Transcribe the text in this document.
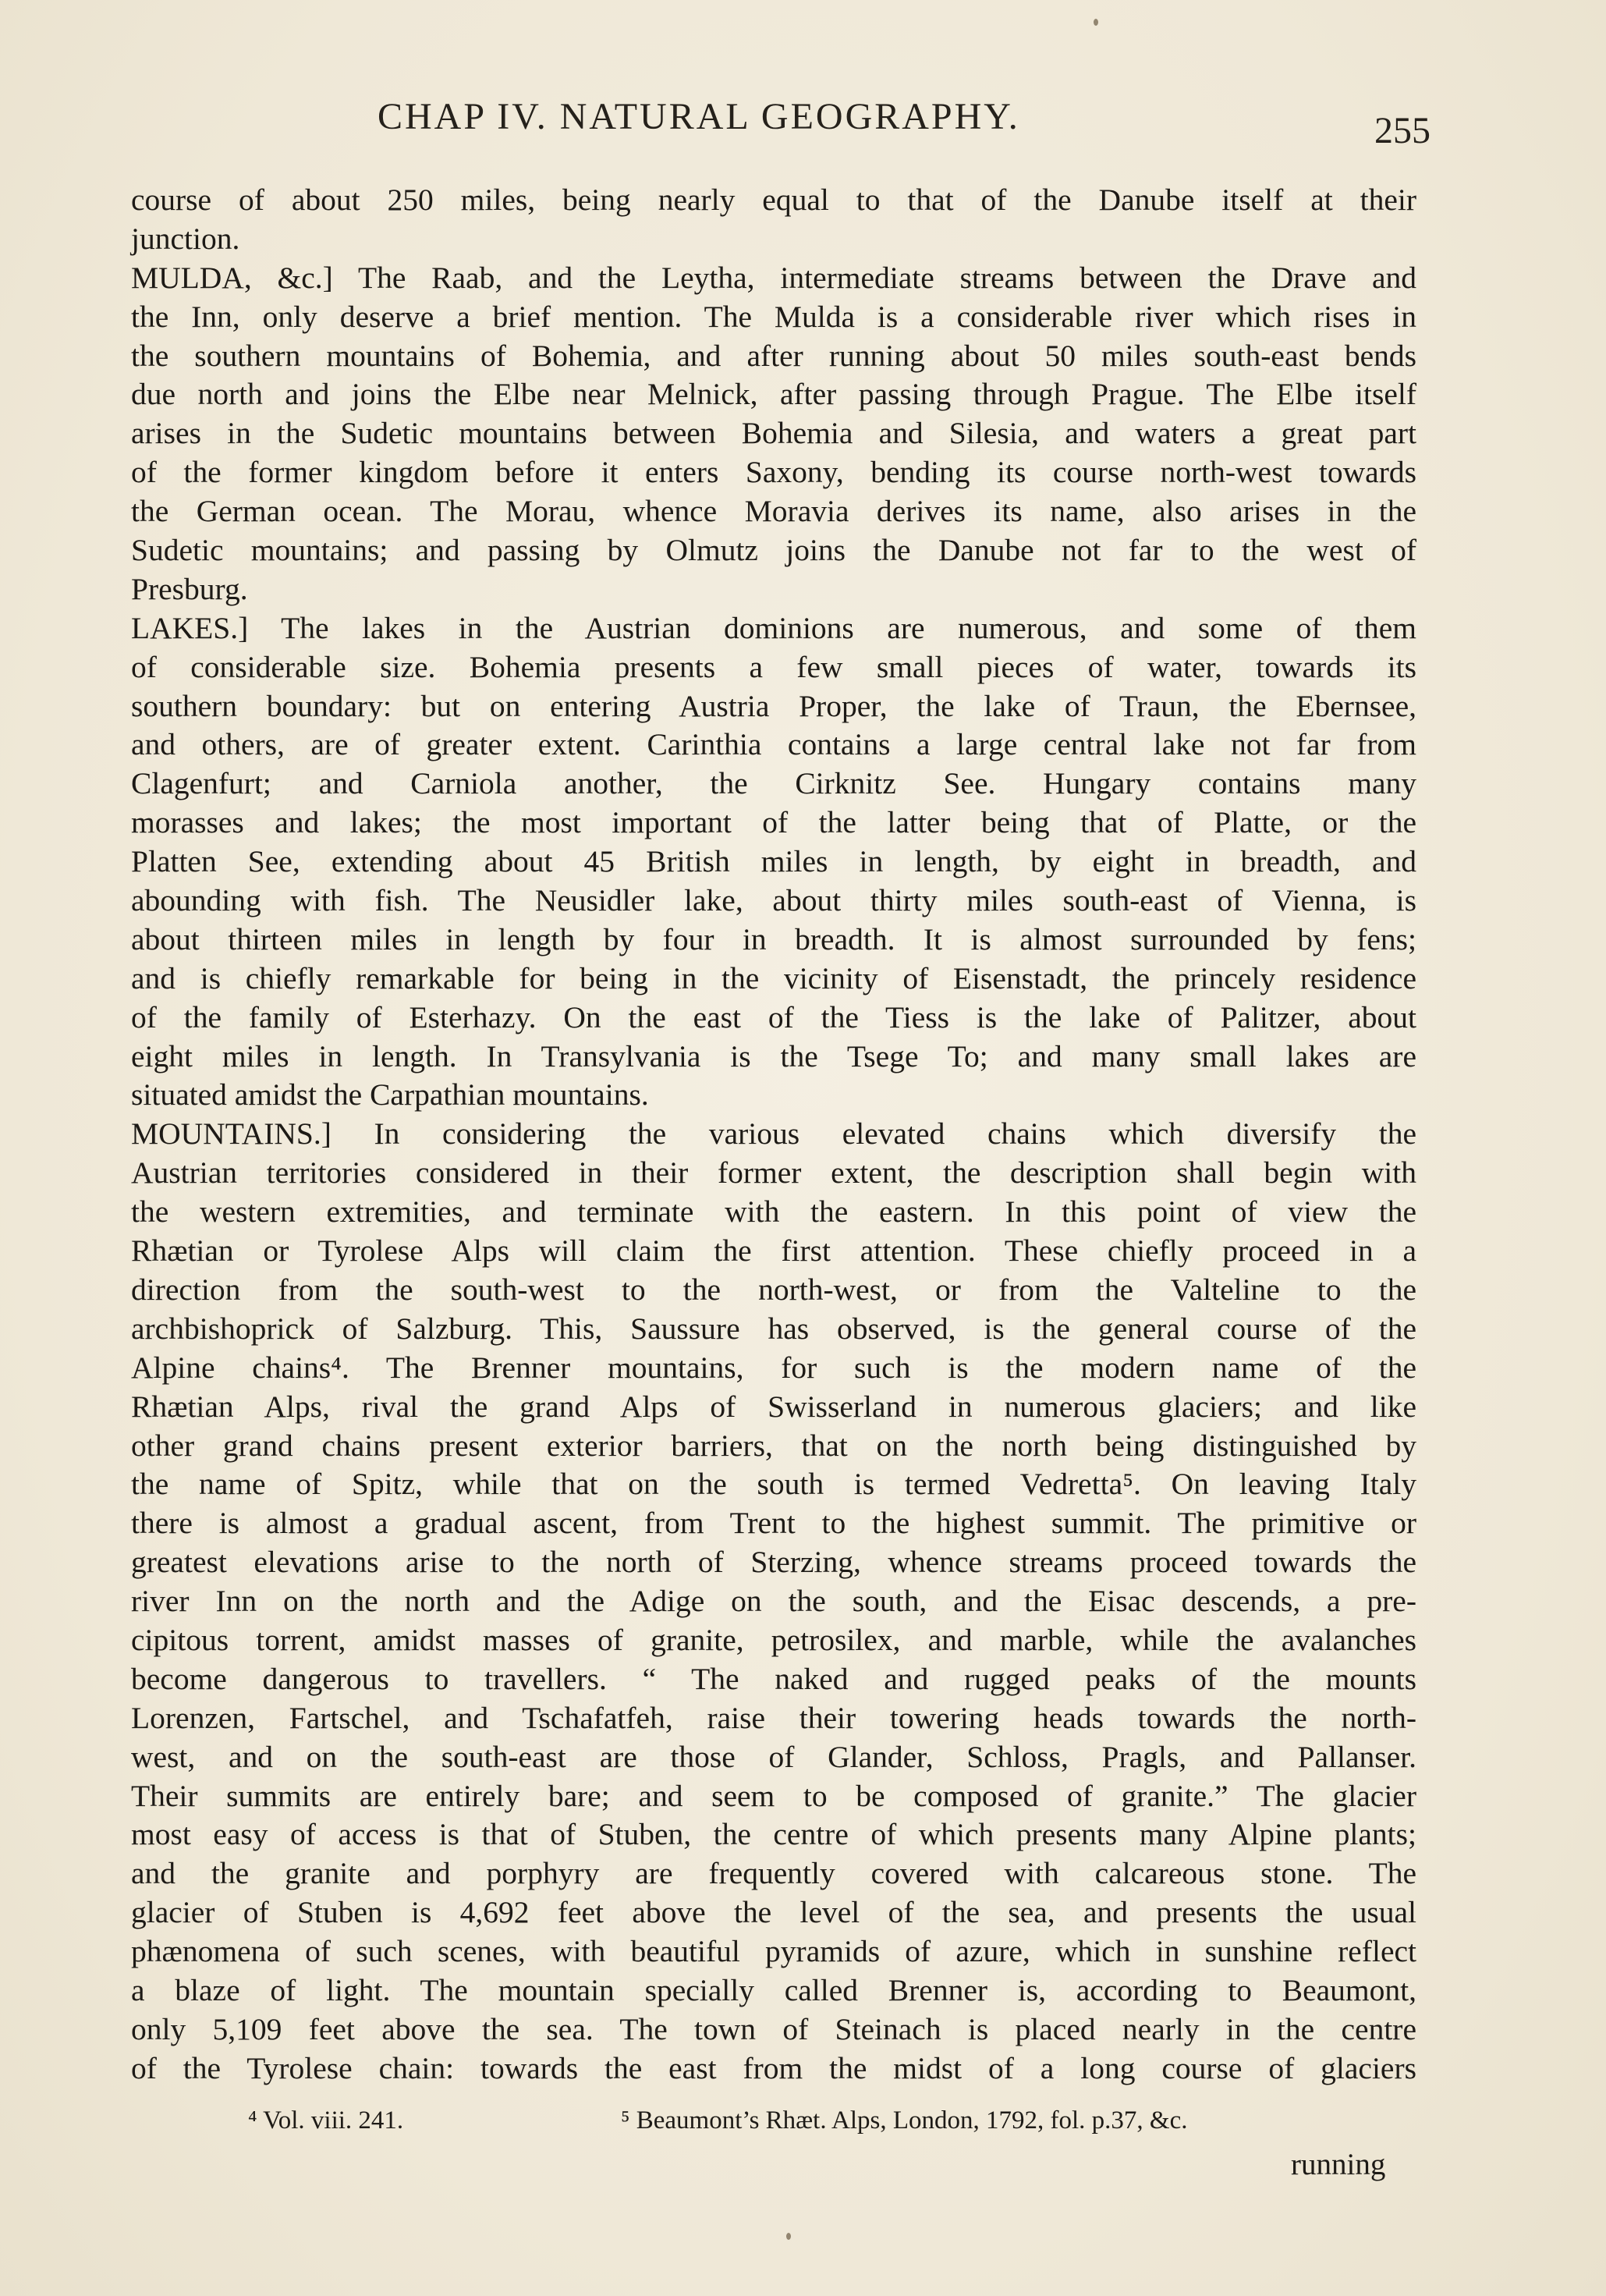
CHAP IV. NATURAL GEOGRAPHY.	255
course of about 250 miles, being nearly equal to that of the Danube itself at their
junction.
MULDA, &c.] The Raab, and the Leytha, intermediate streams between the Drave and
the Inn, only deserve a brief mention. The Mulda is a considerable river which rises in
the southern mountains of Bohemia, and after running about 50 miles south-east bends
due north and joins the Elbe near Melnick, after passing through Prague. The Elbe itself
arises in the Sudetic mountains between Bohemia and Silesia, and waters a great part
of the former kingdom before it enters Saxony, bending its course north-west towards
the German ocean. The Morau, whence Moravia derives its name, also arises in the
Sudetic mountains; and passing by Olmutz joins the Danube not far to the west of
Presburg.
LAKES.] The lakes in the Austrian dominions are numerous, and some of them
of considerable size. Bohemia presents a few small pieces of water, towards its
southern boundary: but on entering Austria Proper, the lake of Traun, the Ebernsee,
and others, are of greater extent. Carinthia contains a large central lake not far from
Clagenfurt; and Carniola another, the Cirknitz See. Hungary contains many
morasses and lakes; the most important of the latter being that of Platte, or the
Platten See, extending about 45 British miles in length, by eight in breadth, and
abounding with fish. The Neusidler lake, about thirty miles south-east of Vienna, is
about thirteen miles in length by four in breadth. It is almost surrounded by fens;
and is chiefly remarkable for being in the vicinity of Eisenstadt, the princely residence
of the family of Esterhazy. On the east of the Tiess is the lake of Palitzer, about
eight miles in length. In Transylvania is the Tsege To; and many small lakes are
situated amidst the Carpathian mountains.
MOUNTAINS.] In considering the various elevated chains which diversify the
Austrian territories considered in their former extent, the description shall begin with
the western extremities, and terminate with the eastern. In this point of view the
Rhætian or Tyrolese Alps will claim the first attention. These chiefly proceed in a
direction from the south-west to the north-west, or from the Valteline to the
archbishoprick of Salzburg. This, Saussure has observed, is the general course of the
Alpine chains⁴. The Brenner mountains, for such is the modern name of the
Rhætian Alps, rival the grand Alps of Swisserland in numerous glaciers; and like
other grand chains present exterior barriers, that on the north being distinguished by
the name of Spitz, while that on the south is termed Vedretta⁵. On leaving Italy
there is almost a gradual ascent, from Trent to the highest summit. The primitive or
greatest elevations arise to the north of Sterzing, whence streams proceed towards the
river Inn on the north and the Adige on the south, and the Eisac descends, a pre-
cipitous torrent, amidst masses of granite, petrosilex, and marble, while the avalanches
become dangerous to travellers. “ The naked and rugged peaks of the mounts
Lorenzen, Fartschel, and Tschafatfeh, raise their towering heads towards the north-
west, and on the south-east are those of Glander, Schloss, Pragls, and Pallanser.
Their summits are entirely bare; and seem to be composed of granite.” The glacier
most easy of access is that of Stuben, the centre of which presents many Alpine plants;
and the granite and porphyry are frequently covered with calcareous stone. The
glacier of Stuben is 4,692 feet above the level of the sea, and presents the usual
phænomena of such scenes, with beautiful pyramids of azure, which in sunshine reflect
a blaze of light. The mountain specially called Brenner is, according to Beaumont,
only 5,109 feet above the sea. The town of Steinach is placed nearly in the centre
of the Tyrolese chain: towards the east from the midst of a long course of glaciers
⁴ Vol. viii. 241.	⁵ Beaumont’s Rhæt. Alps, London, 1792, fol. p.37, &c.
running
